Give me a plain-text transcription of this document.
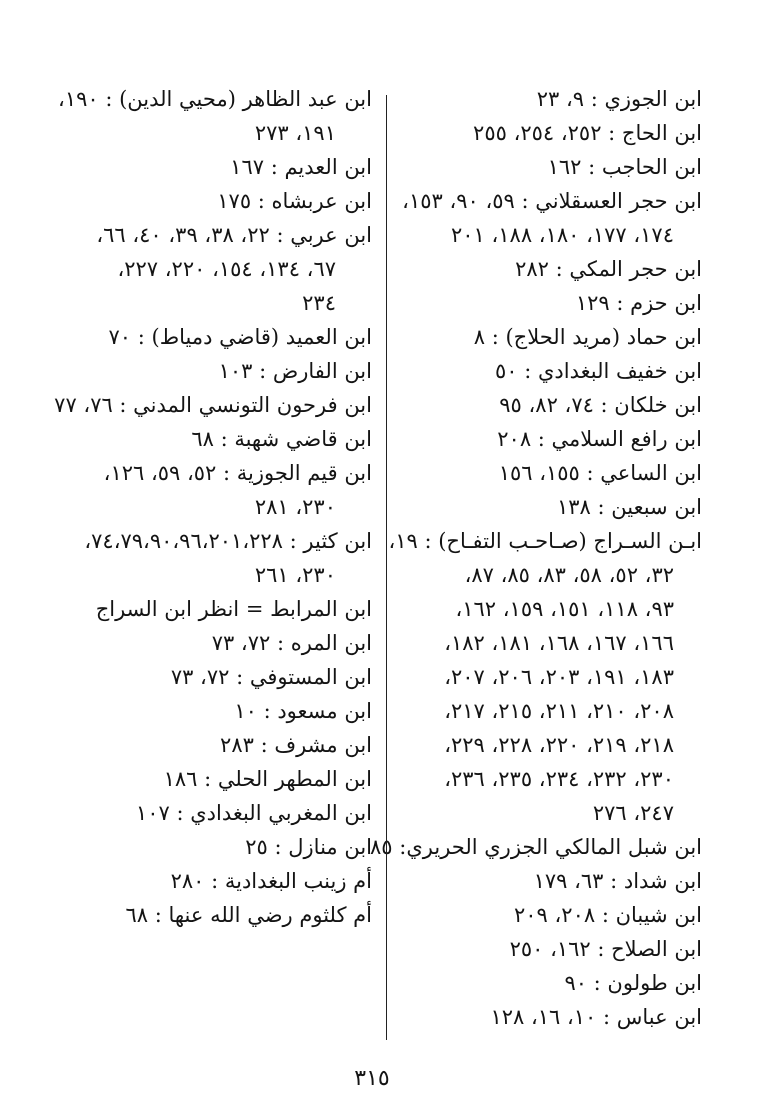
ابن الجوزي : ٩، ٢٣
ابن الحاج : ٢٥٢، ٢٥٤، ٢٥٥
ابن الحاجب : ١٦٢
ابن حجر العسقلاني : ٥٩، ٩٠، ١٥٣،
١٧٤، ١٧٧، ١٨٠، ١٨٨، ٢٠١
ابن حجر المكي : ٢٨٢
ابن حزم : ١٢٩
ابن حماد (مريد الحلاج) : ٨
ابن خفيف البغدادي : ٥٠
ابن خلكان : ٧٤، ٨٢، ٩٥
ابن رافع السلامي : ٢٠٨
ابن الساعي : ١٥٥، ١٥٦
ابن سبعين : ١٣٨
ابـن السـراج (صـاحـب التفـاح) : ١٩،
٣٢، ٥٢، ٥٨، ٨٣، ٨٥، ٨٧،
٩٣، ١١٨، ١٥١، ١٥٩، ١٦٢،
١٦٦، ١٦٧، ١٦٨، ١٨١، ١٨٢،
١٨٣، ١٩١، ٢٠٣، ٢٠٦، ٢٠٧،
٢٠٨، ٢١٠، ٢١١، ٢١٥، ٢١٧،
٢١٨، ٢١٩، ٢٢٠، ٢٢٨، ٢٢٩،
٢٣٠، ٢٣٢، ٢٣٤، ٢٣٥، ٢٣٦،
٢٤٧، ٢٧٦
ابن شبل المالكي الجزري الحريري: ٨٥
ابن شداد : ٦٣، ١٧٩
ابن شيبان : ٢٠٨، ٢٠٩
ابن الصلاح : ١٦٢، ٢٥٠
ابن طولون : ٩٠
ابن عباس : ١٠، ١٦، ١٢٨
ابن عبد الظاهر (محيي الدين) : ١٩٠،
١٩١، ٢٧٣
ابن العديم : ١٦٧
ابن عربشاه : ١٧٥
ابن عربي : ٢٢، ٣٨، ٣٩، ٤٠، ٦٦،
٦٧، ١٣٤، ١٥٤، ٢٢٠، ٢٢٧،
٢٣٤
ابن العميد (قاضي دمياط) : ٧٠
ابن الفارض : ١٠٣
ابن فرحون التونسي المدني : ٧٦، ٧٧
ابن قاضي شهبة : ٦٨
ابن قيم الجوزية : ٥٢، ٥٩، ١٢٦،
٢٣٠، ٢٨١
ابن كثير : ٧٤،٧٩،٩٠،٩٦،٢٠١،٢٢٨،
٢٣٠، ٢٦١
ابن المرابط = انظر ابن السراج
ابن المره : ٧٢، ٧٣
ابن المستوفي : ٧٢، ٧٣
ابن مسعود : ١٠
ابن مشرف : ٢٨٣
ابن المطهر الحلي : ١٨٦
ابن المغربي البغدادي : ١٠٧
ابن منازل : ٢٥
أم زينب البغدادية : ٢٨٠
أم كلثوم رضي الله عنها : ٦٨
٣١٥
